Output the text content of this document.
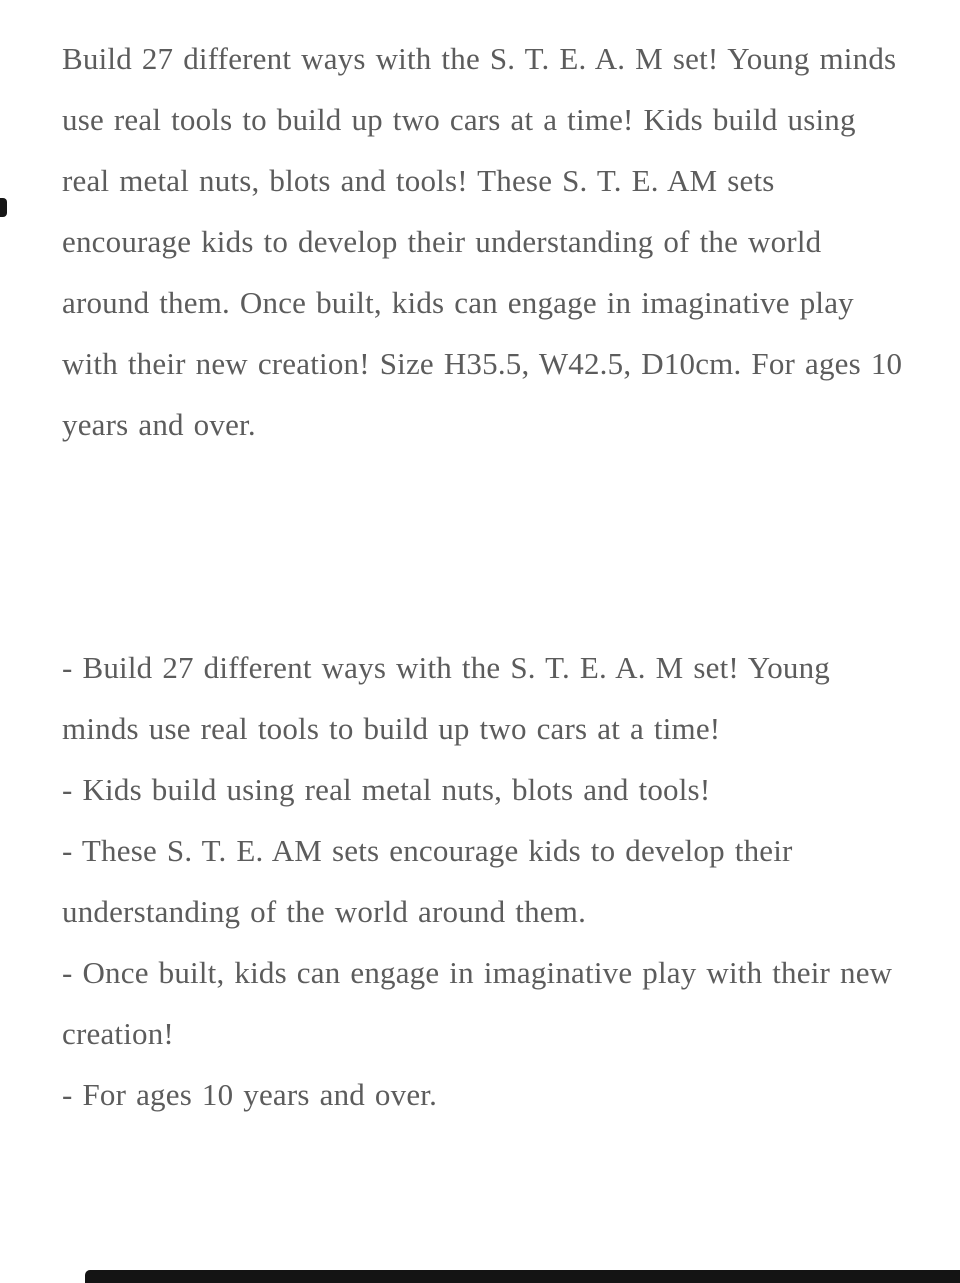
Build 27 different ways with the S. T. E. A. M set! Young minds use real tools to build up two cars at a time! Kids build using real metal nuts, blots and tools! These S. T. E. AM sets encourage kids to develop their understanding of the world around them. Once built, kids can engage in imaginative play with their new creation! Size H35.5, W42.5, D10cm. For ages 10 years and over.
- Build 27 different ways with the S. T. E. A. M set! Young minds use real tools to build up two cars at a time!
- Kids build using real metal nuts, blots and tools!
- These S. T. E. AM sets encourage kids to develop their understanding of the world around them.
- Once built, kids can engage in imaginative play with their new creation!
- For ages 10 years and over.
